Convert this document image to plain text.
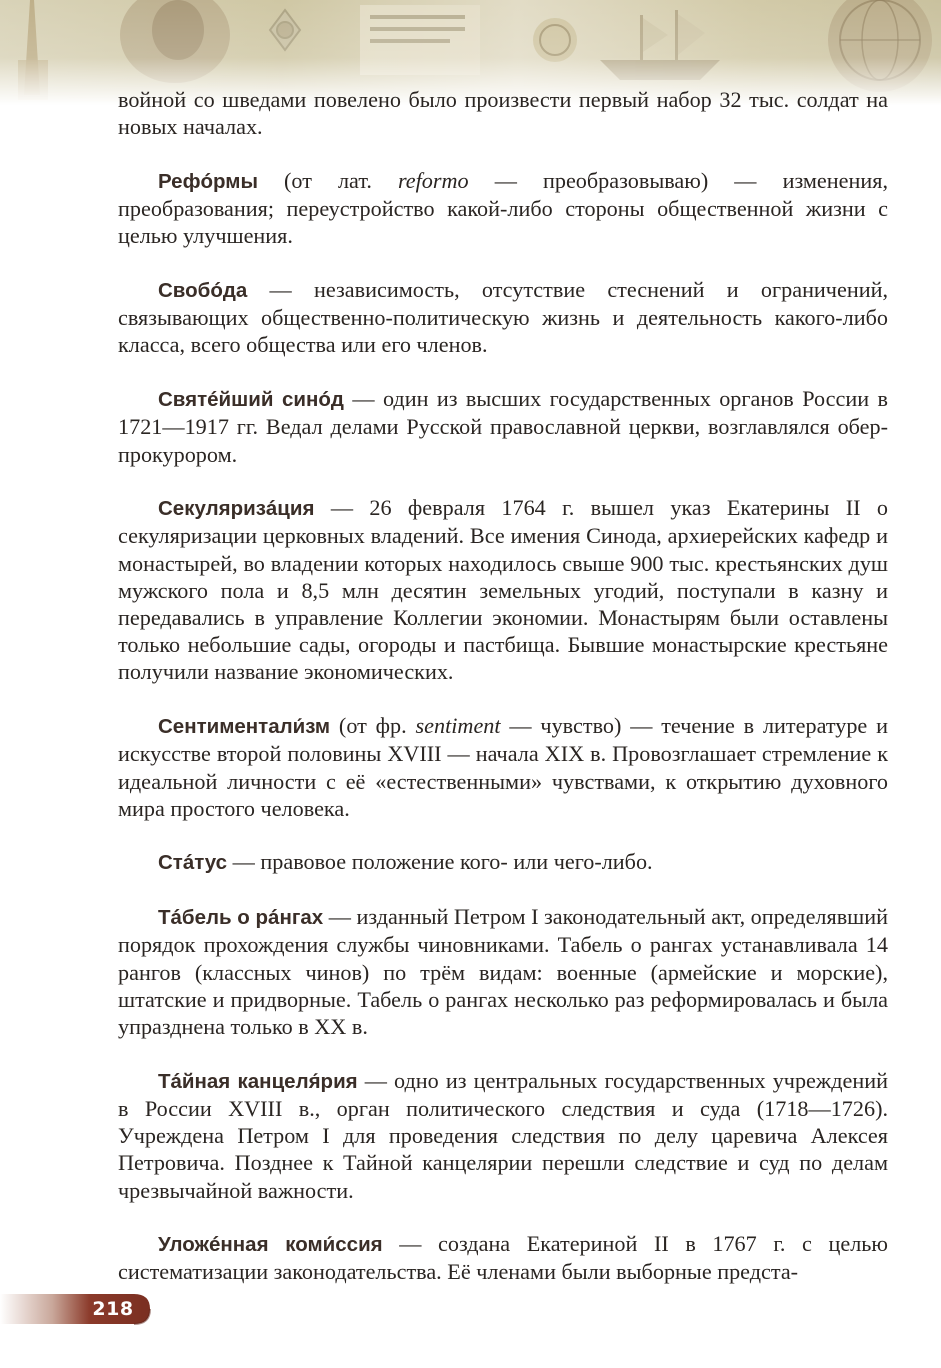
войной со шведами повелено было произвести первый набор 32 тыс. солдат на новых началах.

Рефóрмы (от лат. reformo — преобразовываю) — изменения, преобразования; переустройство какой-либо стороны общественной жизни с целью улучшения.

Свобóда — независимость, отсутствие стеснений и ограничений, связывающих общественно-политическую жизнь и деятельность какого-либо класса, всего общества или его членов.

Святéйший синóд — один из высших государственных органов России в 1721—1917 гг. Ведал делами Русской православной церкви, возглавлялся обер-прокурором.

Секуляризáция — 26 февраля 1764 г. вышел указ Екатерины II о секуляризации церковных владений. Все имения Синода, архиерейских кафедр и монастырей, во владении которых находилось свыше 900 тыс. крестьянских душ мужского пола и 8,5 млн десятин земельных угодий, поступали в казну и передавались в управление Коллегии экономии. Монастырям были оставлены только небольшие сады, огороды и пастбища. Бывшие монастырские крестьяне получили название экономических.

Сентиментали́зм (от фр. sentiment — чувство) — течение в литературе и искусстве второй половины XVIII — начала XIX в. Провозглашает стремление к идеальной личности с её «естественными» чувствами, к открытию духовного мира простого человека.

Стáтус — правовое положение кого- или чего-либо.

Тáбель о рáнгах — изданный Петром I законодательный акт, определявший порядок прохождения службы чиновниками. Табель о рангах устанавливала 14 рангов (классных чинов) по трём видам: военные (армейские и морские), штатские и придворные. Табель о рангах несколько раз реформировалась и была упразднена только в XX в.

Тáйная канцеля́рия — одно из центральных государственных учреждений в России XVIII в., орган политического следствия и суда (1718—1726). Учреждена Петром I для проведения следствия по делу царевича Алексея Петровича. Позднее к Тайной канцелярии перешли следствие и суд по делам чрезвычайной важности.

Уложéнная коми́ссия — создана Екатериной II в 1767 г. с целью систематизации законодательства. Её членами были выборные предста-

218
